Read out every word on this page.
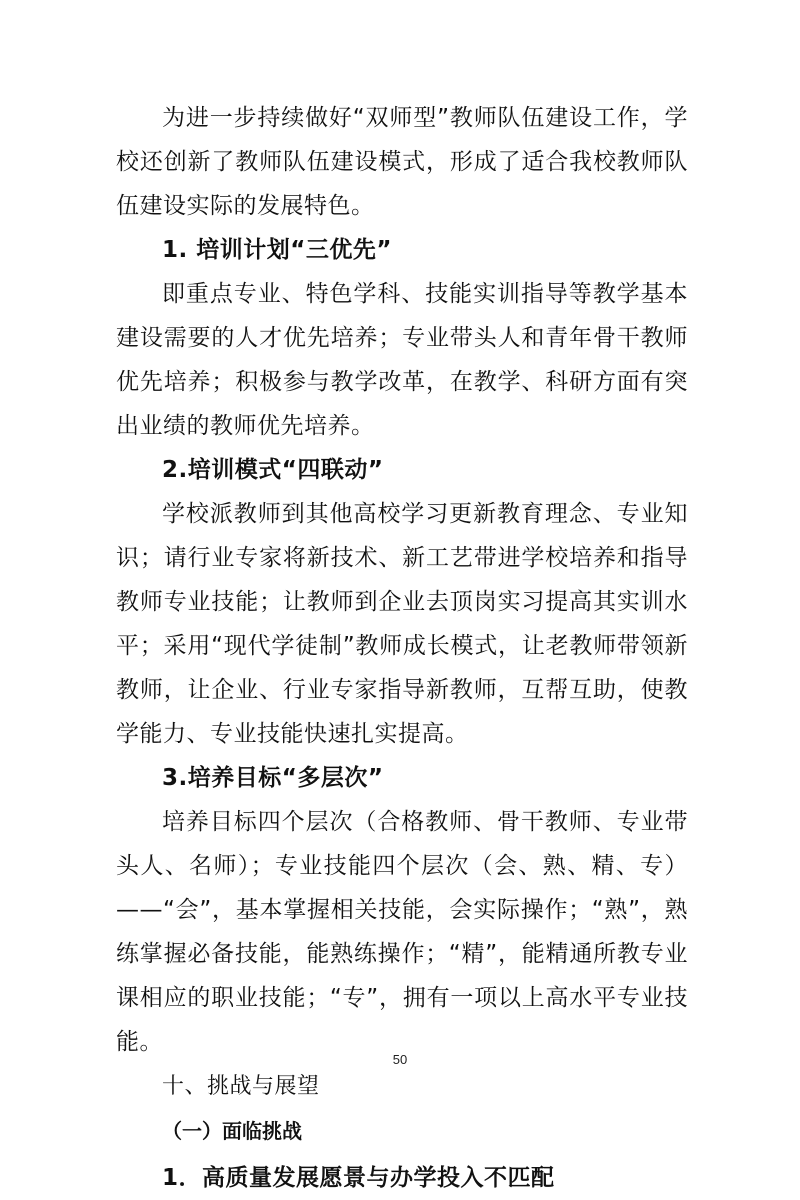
为进一步持续做好“双师型”教师队伍建设工作，学校还创新了教师队伍建设模式，形成了适合我校教师队伍建设实际的发展特色。

1. 培训计划“三优先”

即重点专业、特色学科、技能实训指导等教学基本建设需要的人才优先培养；专业带头人和青年骨干教师优先培养；积极参与教学改革，在教学、科研方面有突出业绩的教师优先培养。

2.培训模式“四联动”

学校派教师到其他高校学习更新教育理念、专业知识；请行业专家将新技术、新工艺带进学校培养和指导教师专业技能；让教师到企业去顶岗实习提高其实训水平；采用“现代学徒制”教师成长模式，让老教师带领新教师，让企业、行业专家指导新教师，互帮互助，使教学能力、专业技能快速扎实提高。

3.培养目标“多层次”

培养目标四个层次（合格教师、骨干教师、专业带头人、名师）；专业技能四个层次（会、熟、精、专）——“会”，基本掌握相关技能，会实际操作；“熟”，熟练掌握必备技能，能熟练操作；“精”，能精通所教专业课相应的职业技能；“专”，拥有一项以上高水平专业技能。

十、挑战与展望

（一）面临挑战

1．高质量发展愿景与办学投入不匹配

50
